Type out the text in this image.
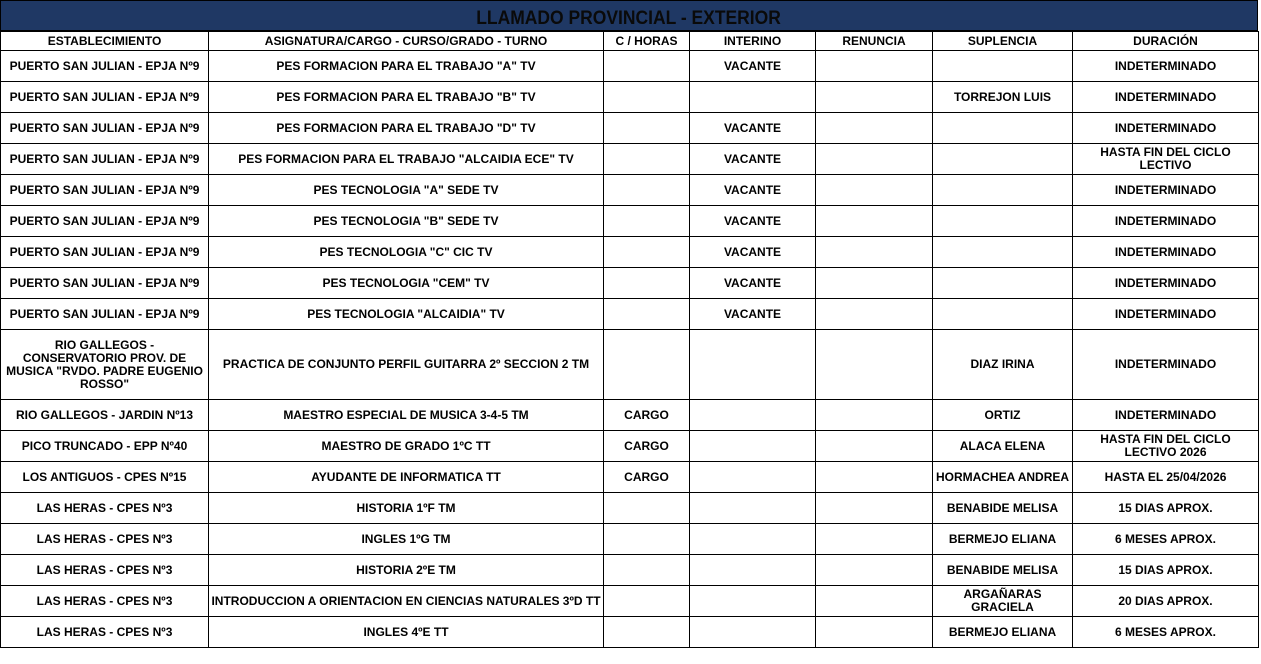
LLAMADO PROVINCIAL - EXTERIOR
ESTABLECIMIENTO	ASIGNATURA/CARGO - CURSO/GRADO - TURNO	C / HORAS	INTERINO	RENUNCIA	SUPLENCIA	DURACIÓN
PUERTO SAN JULIAN - EPJA Nº9	PES FORMACION PARA EL TRABAJO "A" TV		VACANTE			INDETERMINADO
PUERTO SAN JULIAN - EPJA Nº9	PES FORMACION PARA EL TRABAJO "B" TV				TORREJON LUIS	INDETERMINADO
PUERTO SAN JULIAN - EPJA Nº9	PES FORMACION PARA EL TRABAJO "D" TV		VACANTE			INDETERMINADO
PUERTO SAN JULIAN - EPJA Nº9	PES FORMACION PARA EL TRABAJO "ALCAIDIA ECE" TV		VACANTE			HASTA FIN DEL CICLO LECTIVO
PUERTO SAN JULIAN - EPJA Nº9	PES TECNOLOGIA "A" SEDE TV		VACANTE			INDETERMINADO
PUERTO SAN JULIAN - EPJA Nº9	PES TECNOLOGIA "B" SEDE TV		VACANTE			INDETERMINADO
PUERTO SAN JULIAN - EPJA Nº9	PES TECNOLOGIA "C" CIC TV		VACANTE			INDETERMINADO
PUERTO SAN JULIAN - EPJA Nº9	PES TECNOLOGIA "CEM" TV		VACANTE			INDETERMINADO
PUERTO SAN JULIAN - EPJA Nº9	PES TECNOLOGIA "ALCAIDIA" TV		VACANTE			INDETERMINADO
RIO GALLEGOS - CONSERVATORIO PROV. DE MUSICA "RVDO. PADRE EUGENIO ROSSO"	PRACTICA DE CONJUNTO PERFIL GUITARRA 2º SECCION 2 TM				DIAZ IRINA	INDETERMINADO
RIO GALLEGOS - JARDIN Nº13	MAESTRO ESPECIAL DE MUSICA 3-4-5 TM	CARGO			ORTIZ	INDETERMINADO
PICO TRUNCADO - EPP Nº40	MAESTRO DE GRADO 1ºC TT	CARGO			ALACA ELENA	HASTA FIN DEL CICLO LECTIVO 2026
LOS ANTIGUOS - CPES Nº15	AYUDANTE DE INFORMATICA TT	CARGO			HORMACHEA ANDREA	HASTA EL 25/04/2026
LAS HERAS - CPES Nº3	HISTORIA 1ºF TM				BENABIDE MELISA	15 DIAS APROX.
LAS HERAS - CPES Nº3	INGLES 1ºG TM				BERMEJO ELIANA	6 MESES APROX.
LAS HERAS - CPES Nº3	HISTORIA 2ºE TM				BENABIDE MELISA	15 DIAS APROX.
LAS HERAS - CPES Nº3	INTRODUCCION A ORIENTACION EN CIENCIAS NATURALES 3ºD TT				ARGAÑARAS GRACIELA	20 DIAS APROX.
LAS HERAS - CPES Nº3	INGLES 4ºE TT				BERMEJO ELIANA	6 MESES APROX.
